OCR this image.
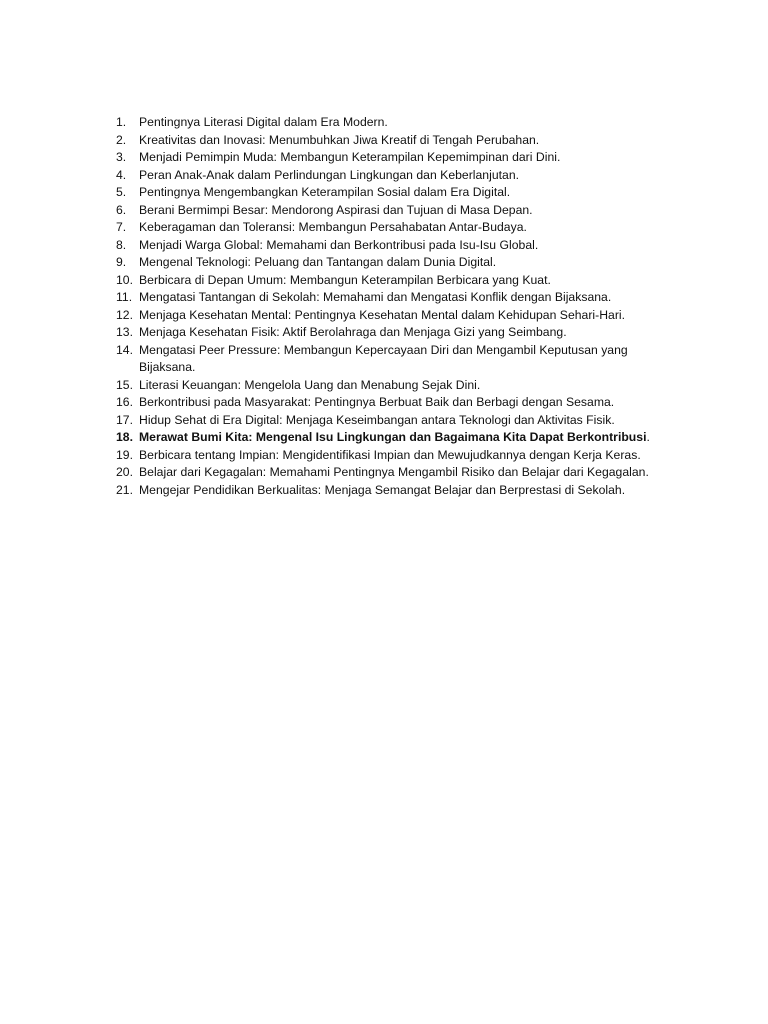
1.	Pentingnya Literasi Digital dalam Era Modern.
2.	Kreativitas dan Inovasi: Menumbuhkan Jiwa Kreatif di Tengah Perubahan.
3.	Menjadi Pemimpin Muda: Membangun Keterampilan Kepemimpinan dari Dini.
4.	Peran Anak-Anak dalam Perlindungan Lingkungan dan Keberlanjutan.
5.	Pentingnya Mengembangkan Keterampilan Sosial dalam Era Digital.
6.	Berani Bermimpi Besar: Mendorong Aspirasi dan Tujuan di Masa Depan.
7.	Keberagaman dan Toleransi: Membangun Persahabatan Antar-Budaya.
8.	Menjadi Warga Global: Memahami dan Berkontribusi pada Isu-Isu Global.
9.	Mengenal Teknologi: Peluang dan Tantangan dalam Dunia Digital.
10. Berbicara di Depan Umum: Membangun Keterampilan Berbicara yang Kuat.
11. Mengatasi Tantangan di Sekolah: Memahami dan Mengatasi Konflik dengan Bijaksana.
12. Menjaga Kesehatan Mental: Pentingnya Kesehatan Mental dalam Kehidupan Sehari-Hari.
13. Menjaga Kesehatan Fisik: Aktif Berolahraga dan Menjaga Gizi yang Seimbang.
14. Mengatasi Peer Pressure: Membangun Kepercayaan Diri dan Mengambil Keputusan yang Bijaksana.
15. Literasi Keuangan: Mengelola Uang dan Menabung Sejak Dini.
16. Berkontribusi pada Masyarakat: Pentingnya Berbuat Baik dan Berbagi dengan Sesama.
17. Hidup Sehat di Era Digital: Menjaga Keseimbangan antara Teknologi dan Aktivitas Fisik.
18. Merawat Bumi Kita: Mengenal Isu Lingkungan dan Bagaimana Kita Dapat Berkontribusi.
19. Berbicara tentang Impian: Mengidentifikasi Impian dan Mewujudkannya dengan Kerja Keras.
20. Belajar dari Kegagalan: Memahami Pentingnya Mengambil Risiko dan Belajar dari Kegagalan.
21. Mengejar Pendidikan Berkualitas: Menjaga Semangat Belajar dan Berprestasi di Sekolah.
